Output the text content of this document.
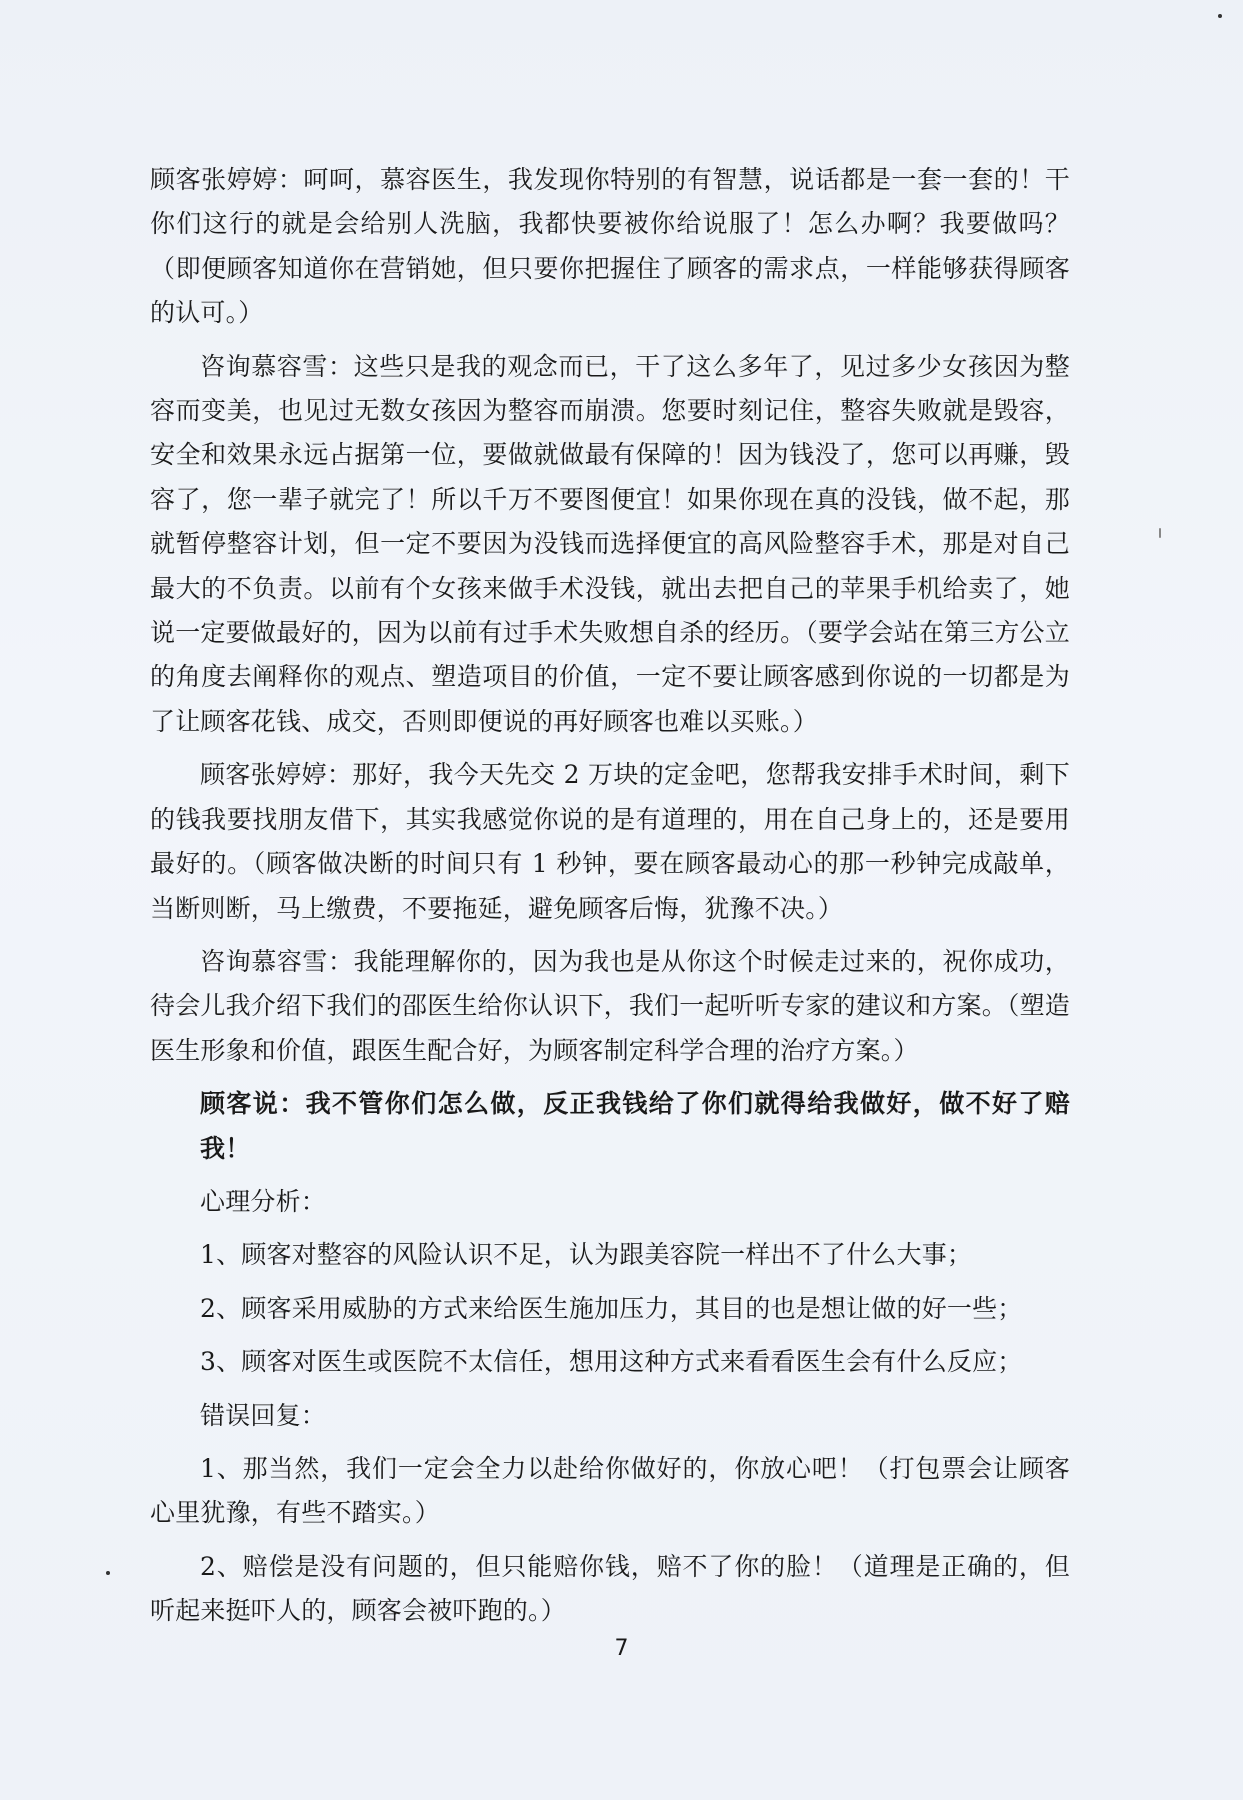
顾客张婷婷：呵呵，慕容医生，我发现你特别的有智慧，说话都是一套一套的！干你们这行的就是会给别人洗脑，我都快要被你给说服了！怎么办啊？我要做吗？（即便顾客知道你在营销她，但只要你把握住了顾客的需求点，一样能够获得顾客的认可。）

咨询慕容雪：这些只是我的观念而已，干了这么多年了，见过多少女孩因为整容而变美，也见过无数女孩因为整容而崩溃。您要时刻记住，整容失败就是毁容，安全和效果永远占据第一位，要做就做最有保障的！因为钱没了，您可以再赚，毁容了，您一辈子就完了！所以千万不要图便宜！如果你现在真的没钱，做不起，那就暂停整容计划，但一定不要因为没钱而选择便宜的高风险整容手术，那是对自己最大的不负责。以前有个女孩来做手术没钱，就出去把自己的苹果手机给卖了，她说一定要做最好的，因为以前有过手术失败想自杀的经历。（要学会站在第三方公立的角度去阐释你的观点、塑造项目的价值，一定不要让顾客感到你说的一切都是为了让顾客花钱、成交，否则即便说的再好顾客也难以买账。）

顾客张婷婷：那好，我今天先交 2 万块的定金吧，您帮我安排手术时间，剩下的钱我要找朋友借下，其实我感觉你说的是有道理的，用在自己身上的，还是要用最好的。（顾客做决断的时间只有 1 秒钟，要在顾客最动心的那一秒钟完成敲单，当断则断，马上缴费，不要拖延，避免顾客后悔，犹豫不决。）

咨询慕容雪：我能理解你的，因为我也是从你这个时候走过来的，祝你成功，待会儿我介绍下我们的邵医生给你认识下，我们一起听听专家的建议和方案。（塑造医生形象和价值，跟医生配合好，为顾客制定科学合理的治疗方案。）

顾客说：我不管你们怎么做，反正我钱给了你们就得给我做好，做不好了赔我！

心理分析：

1、顾客对整容的风险认识不足，认为跟美容院一样出不了什么大事；

2、顾客采用威胁的方式来给医生施加压力，其目的也是想让做的好一些；

3、顾客对医生或医院不太信任，想用这种方式来看看医生会有什么反应；

错误回复：

1、那当然，我们一定会全力以赴给你做好的，你放心吧！（打包票会让顾客心里犹豫，有些不踏实。）

2、赔偿是没有问题的，但只能赔你钱，赔不了你的脸！（道理是正确的，但听起来挺吓人的，顾客会被吓跑的。）

7
